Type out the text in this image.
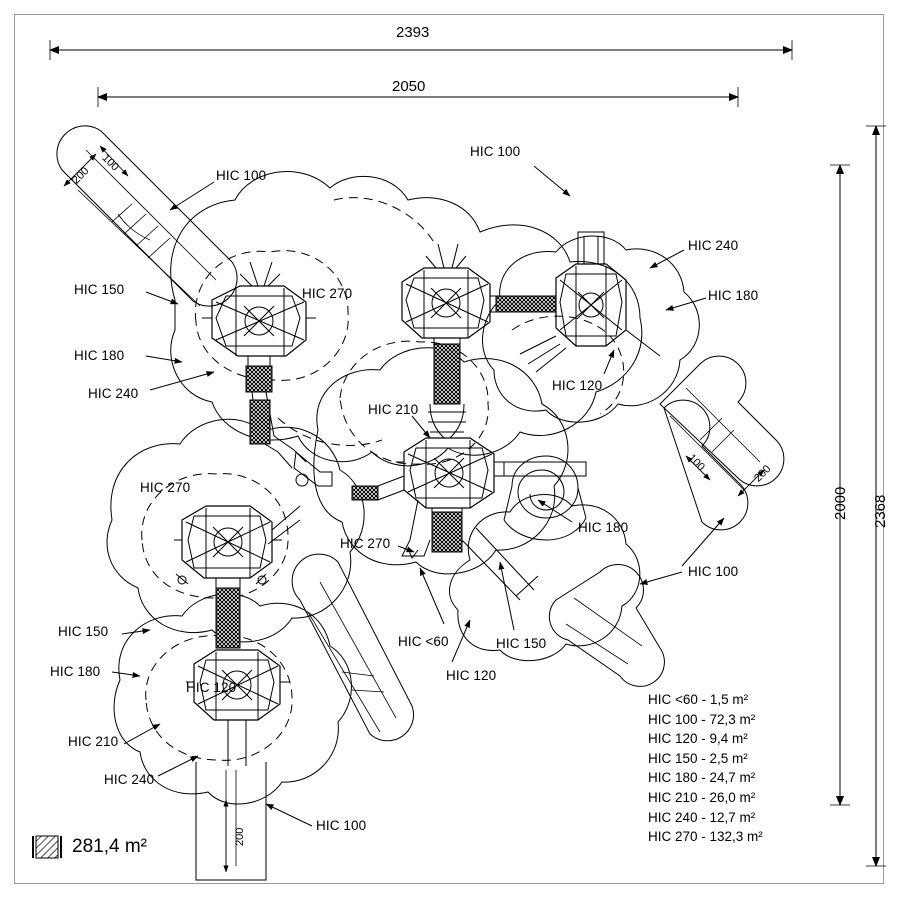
2393
2050
2000 2368
200
100
100
200
200
HIC 100
HIC 100
HIC 240
HIC 180
HIC 270
HIC 150
HIC 180
HIC 240
HIC 120
HIC 210
HIC 270
HIC 270
HIC 180
HIC 100
HIC 150
HIC 180
HIC 210
HIC 240
HIC 120
HIC <60	HIC 150
HIC 120
HIC 100
HIC <60 - 1,5 m²
HIC 100 - 72,3 m²
HIC 120 - 9,4 m²
HIC 150 - 2,5 m²
HIC 180 - 24,7 m²
HIC 210 - 26,0 m²
HIC 240 - 12,7 m²
HIC 270 - 132,3 m²
281,4 m²
